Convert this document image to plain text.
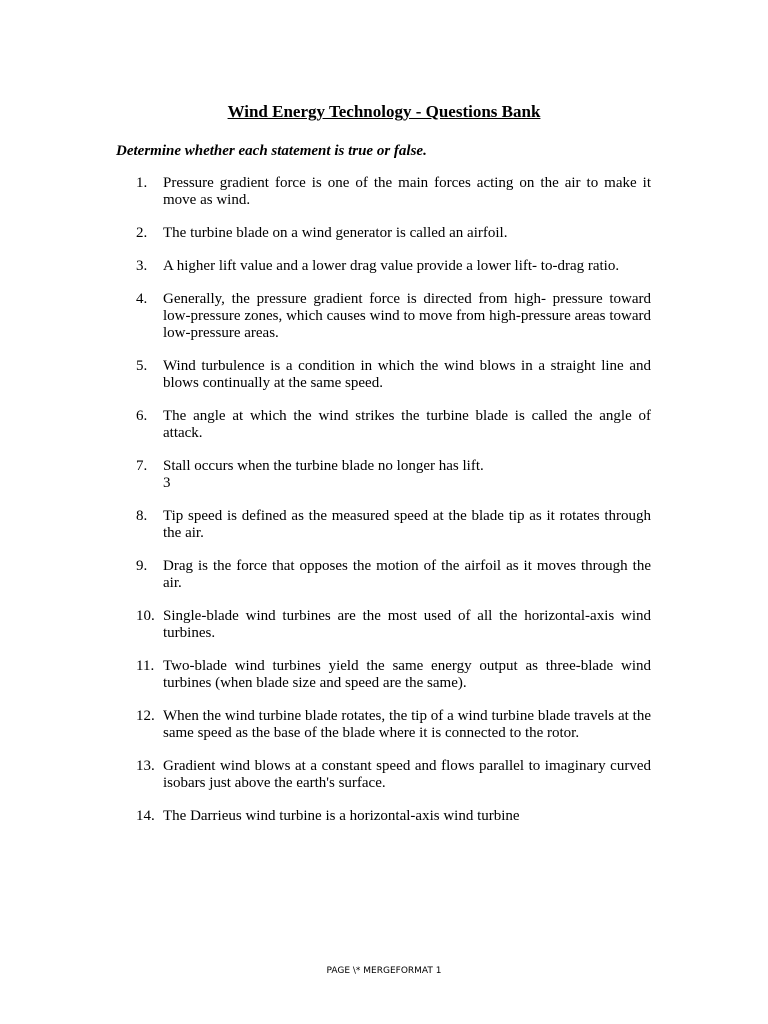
Wind Energy Technology - Questions Bank
Determine whether each statement is true or false.
1.	Pressure gradient force is one of the main forces acting on the air to make it move as wind.
2.	The turbine blade on a wind generator is called an airfoil.
3.	A higher lift value and a lower drag value provide a lower lift- to-drag ratio.
4.	Generally, the pressure gradient force is directed from high- pressure toward low-pressure zones, which causes wind to move from high-pressure areas toward low-pressure areas.
5.	Wind turbulence is a condition in which the wind blows in a straight line and blows continually at the same speed.
6.	The angle at which the wind strikes the turbine blade is called the angle of attack.
7.	Stall occurs when the turbine blade no longer has lift.
3
8.	Tip speed is defined as the measured speed at the blade tip as it rotates through the air.
9.	Drag is the force that opposes the motion of the airfoil as it moves through the air.
10. Single-blade wind turbines are the most used of all the horizontal-axis wind turbines.
11. Two-blade wind turbines yield the same energy output as three-blade wind turbines (when blade size and speed are the same).
12. When the wind turbine blade rotates, the tip of a wind turbine blade travels at the same speed as the base of the blade where it is connected to the rotor.
13. Gradient wind blows at a constant speed and flows parallel to imaginary curved isobars just above the earth's surface.
14. The Darrieus wind turbine is a horizontal-axis wind turbine
PAGE \* MERGEFORMAT 1
